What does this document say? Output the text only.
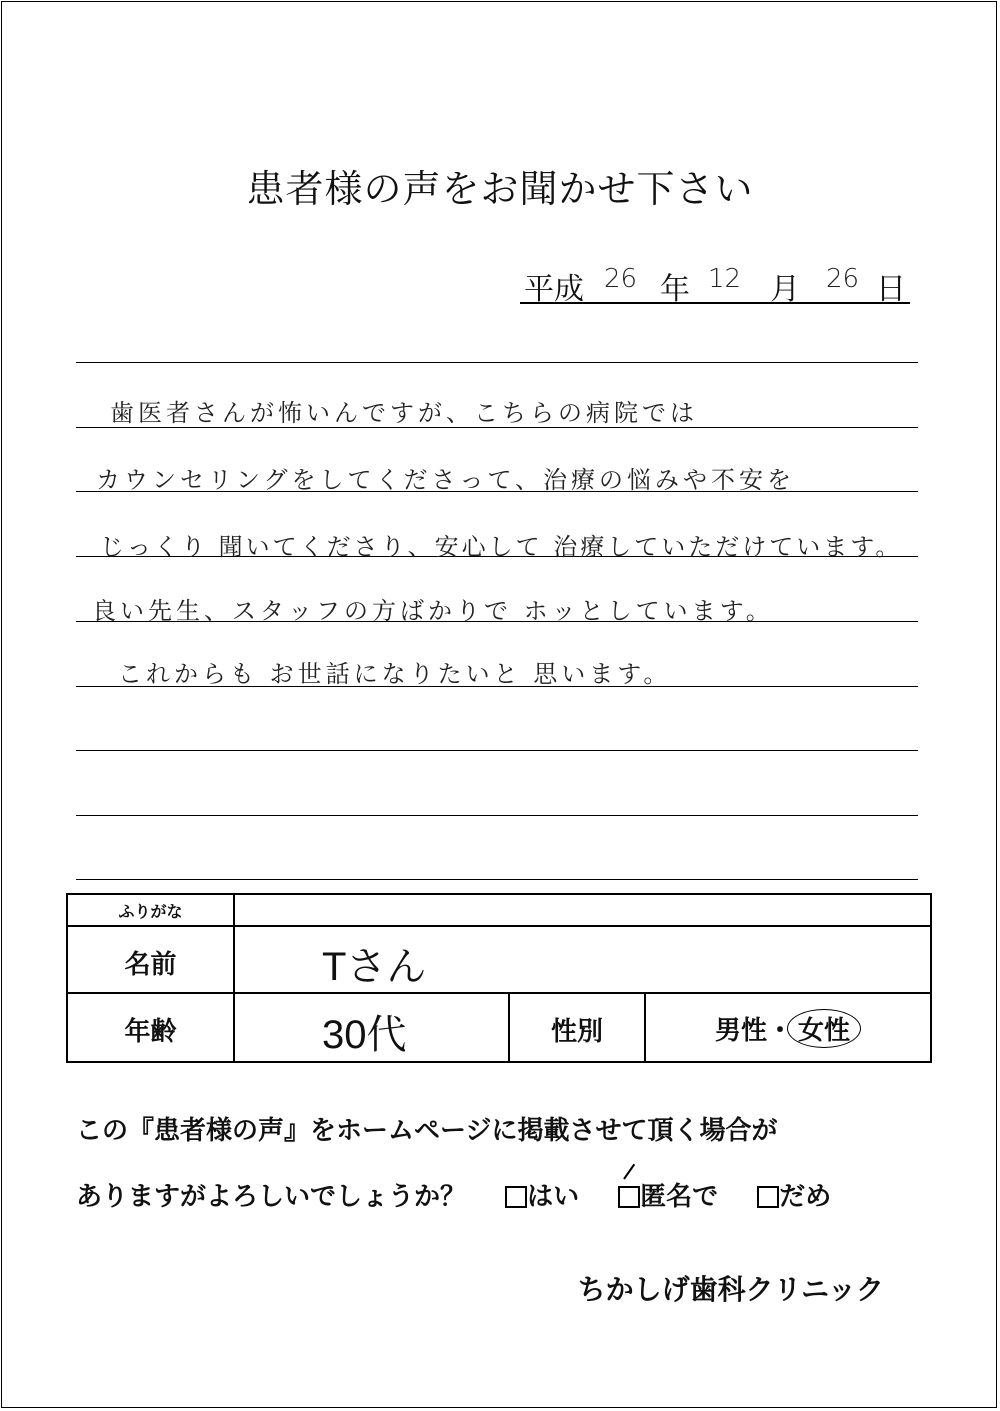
患者様の声をお聞かせ下さい
平成 26 年 12 月 26 日
歯医者さんが怖いんですが、こちらの病院では
カウンセリングをしてくださって、治療の悩みや不安を
じっくり 聞いてくださり、安心して 治療していただけています。
良い先生、スタッフの方ばかりで ホッとしています。
これからも お世話になりたいと 思います。
ふりがな
名前	Tさん
年齢	30代	性別	男性・ 女性
この『患者様の声』をホームページに掲載させて頂く場合が
ありますがよろしいでしょうか？ はい 匿名で だめ
ちかしげ歯科クリニック
